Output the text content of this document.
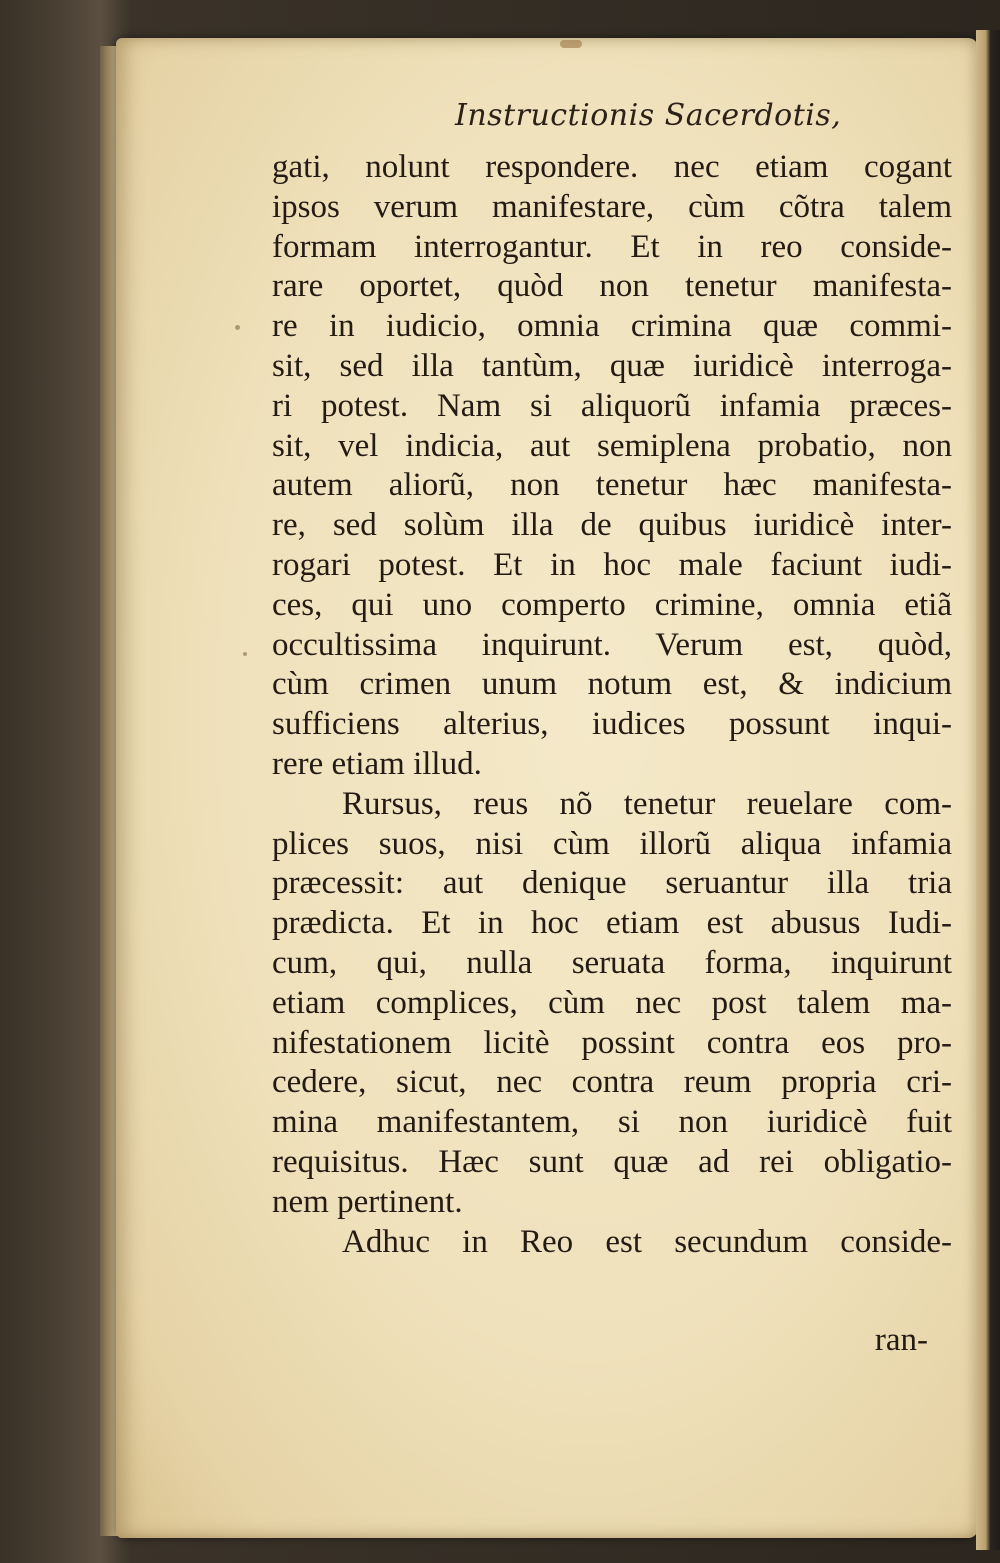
Instructionis Sacerdotis,
gati, nolunt respondere. nec etiam cogant
ipsos verum manifestare, cùm cõtra talem
formam interrogantur. Et in reo conside-
rare oportet, quòd non tenetur manifesta-
re in iudicio, omnia crimina quæ commi-
sit, sed illa tantùm, quæ iuridicè interroga-
ri potest. Nam si aliquorũ infamia præces-
sit, vel indicia, aut semiplena probatio, non
autem aliorũ, non tenetur hæc manifesta-
re, sed solùm illa de quibus iuridicè inter-
rogari potest. Et in hoc male faciunt iudi-
ces, qui uno comperto crimine, omnia etiã
occultissima inquirunt. Verum est, quòd,
cùm crimen unum notum est, & indicium
sufficiens alterius, iudices possunt inqui-
rere etiam illud.
Rursus, reus nõ tenetur reuelare com-
plices suos, nisi cùm illorũ aliqua infamia
præcessit: aut denique seruantur illa tria
prædicta. Et in hoc etiam est abusus Iudi-
cum, qui, nulla seruata forma, inquirunt
etiam complices, cùm nec post talem ma-
nifestationem licitè possint contra eos pro-
cedere, sicut, nec contra reum propria cri-
mina manifestantem, si non iuridicè fuit
requisitus. Hæc sunt quæ ad rei obligatio-
nem pertinent.
Adhuc in Reo est secundum conside-
ran-
